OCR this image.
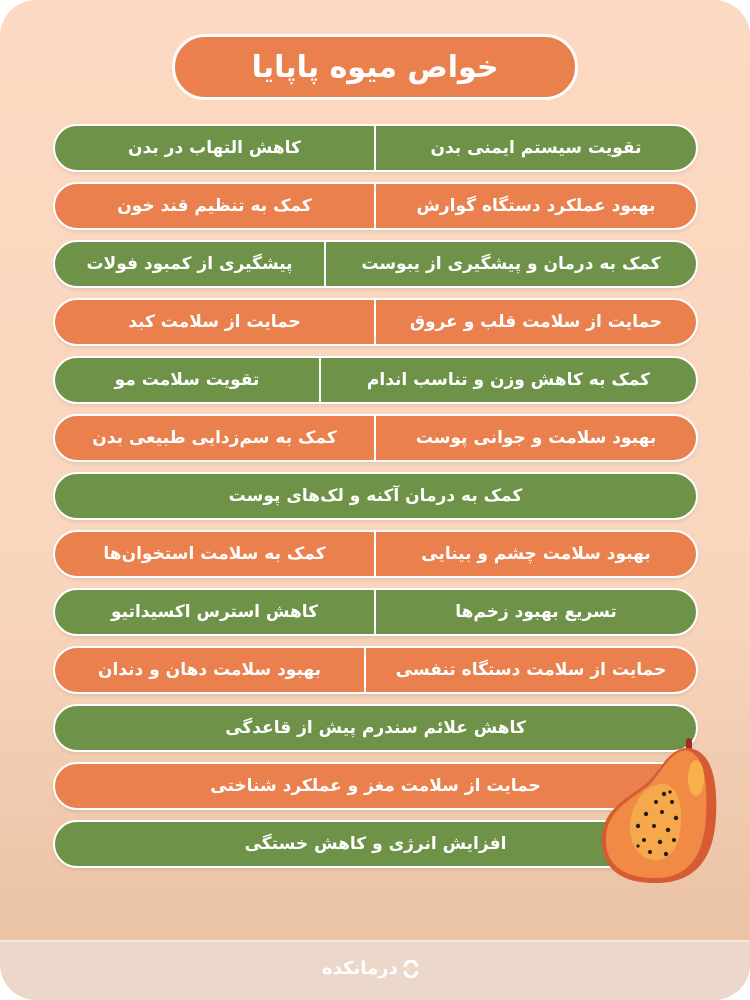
خواص میوه پاپایا
تقویت سیستم ایمنی بدن
کاهش التهاب در بدن
بهبود عملکرد دستگاه گوارش
کمک به تنظیم قند خون
کمک به درمان و پیشگیری از یبوست
پیشگیری از کمبود فولات
حمایت از سلامت قلب و عروق
حمایت از سلامت کبد
کمک به کاهش وزن و تناسب اندام
تقویت سلامت مو
بهبود سلامت و جوانی پوست
کمک به سم‌زدایی طبیعی بدن
کمک به درمان آکنه و لک‌های پوست
بهبود سلامت چشم و بینایی
کمک به سلامت استخوان‌ها
تسریع بهبود زخم‌ها
کاهش استرس اکسیداتیو
حمایت از سلامت دستگاه تنفسی
بهبود سلامت دهان و دندان
کاهش علائم سندرم پیش از قاعدگی
حمایت از سلامت مغز و عملکرد شناختی
افزایش انرژی و کاهش خستگی
درمانکده
